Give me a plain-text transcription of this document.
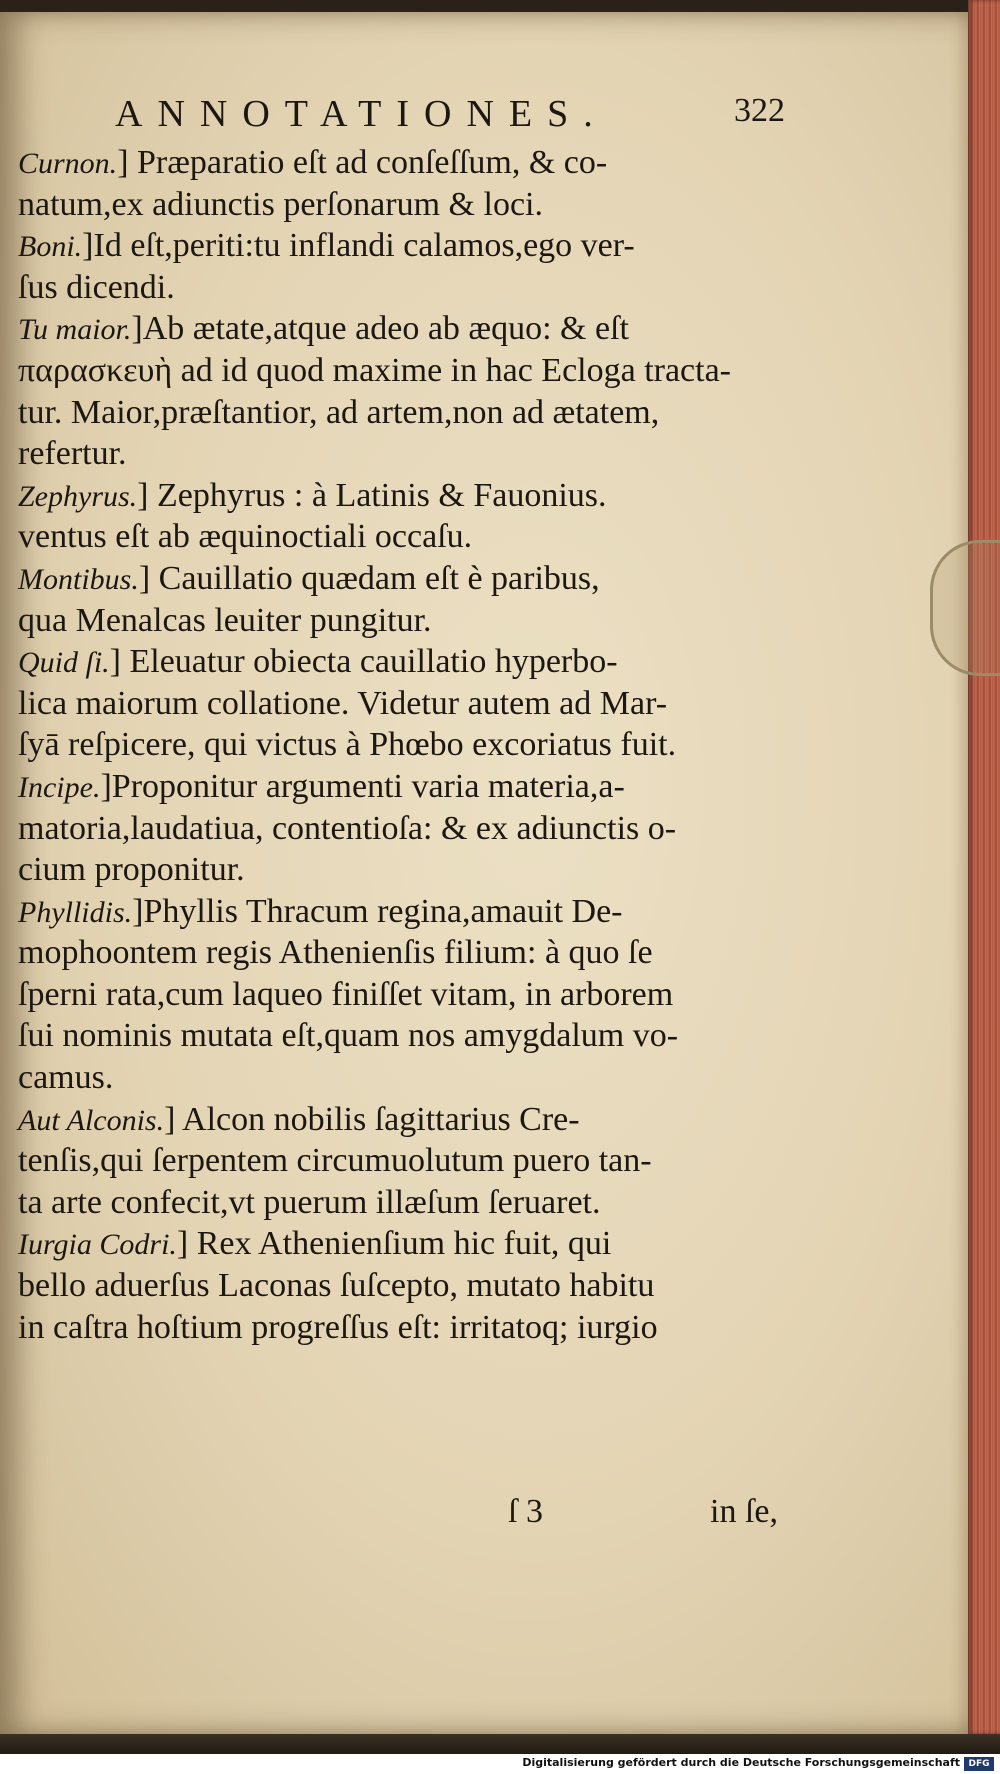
ANNOTATIONES.	322
Curnon.] Præparatio eſt ad conſeſſum, & co-
natum,ex adiunctis perſonarum & loci.
Boni.]Id eſt,periti:tu inflandi calamos,ego ver-
ſus dicendi.
Tu maior.]Ab ætate,atque adeo ab æquo: & eſt
παρασκευὴ ad id quod maxime in hac Ecloga tracta-
tur. Maior,præſtantior, ad artem,non ad ætatem,
refertur.
Zephyrus.] Zephyrus : à Latinis & Fauonius.
ventus eſt ab æquinoctiali occaſu.
Montibus.] Cauillatio quædam eſt è paribus,
qua Menalcas leuiter pungitur.
Quid ſi.] Eleuatur obiecta cauillatio hyperbo-
lica maiorum collatione. Videtur autem ad Mar-
ſyā reſpicere, qui victus à Phœbo excoriatus fuit.
Incipe.]Proponitur argumenti varia materia,a-
matoria,laudatiua, contentioſa: & ex adiunctis o-
cium proponitur.
Phyllidis.]Phyllis Thracum regina,amauit De-
mophoontem regis Athenienſis filium: à quo ſe
ſperni rata,cum laqueo finiſſet vitam, in arborem
ſui nominis mutata eſt,quam nos amygdalum vo-
camus.
Aut Alconis.] Alcon nobilis ſagittarius Cre-
tenſis,qui ſerpentem circumuolutum puero tan-
ta arte confecit,vt puerum illæſum ſeruaret.
Iurgia Codri.] Rex Athenienſium hic fuit, qui
bello aduerſus Laconas ſuſcepto, mutato habitu
in caſtra hoſtium progreſſus eſt: irritatoq; iurgio
ſ 3	in ſe,
Digitalisierung gefördert durch die Deutsche Forschungsgemeinschaft DFG
